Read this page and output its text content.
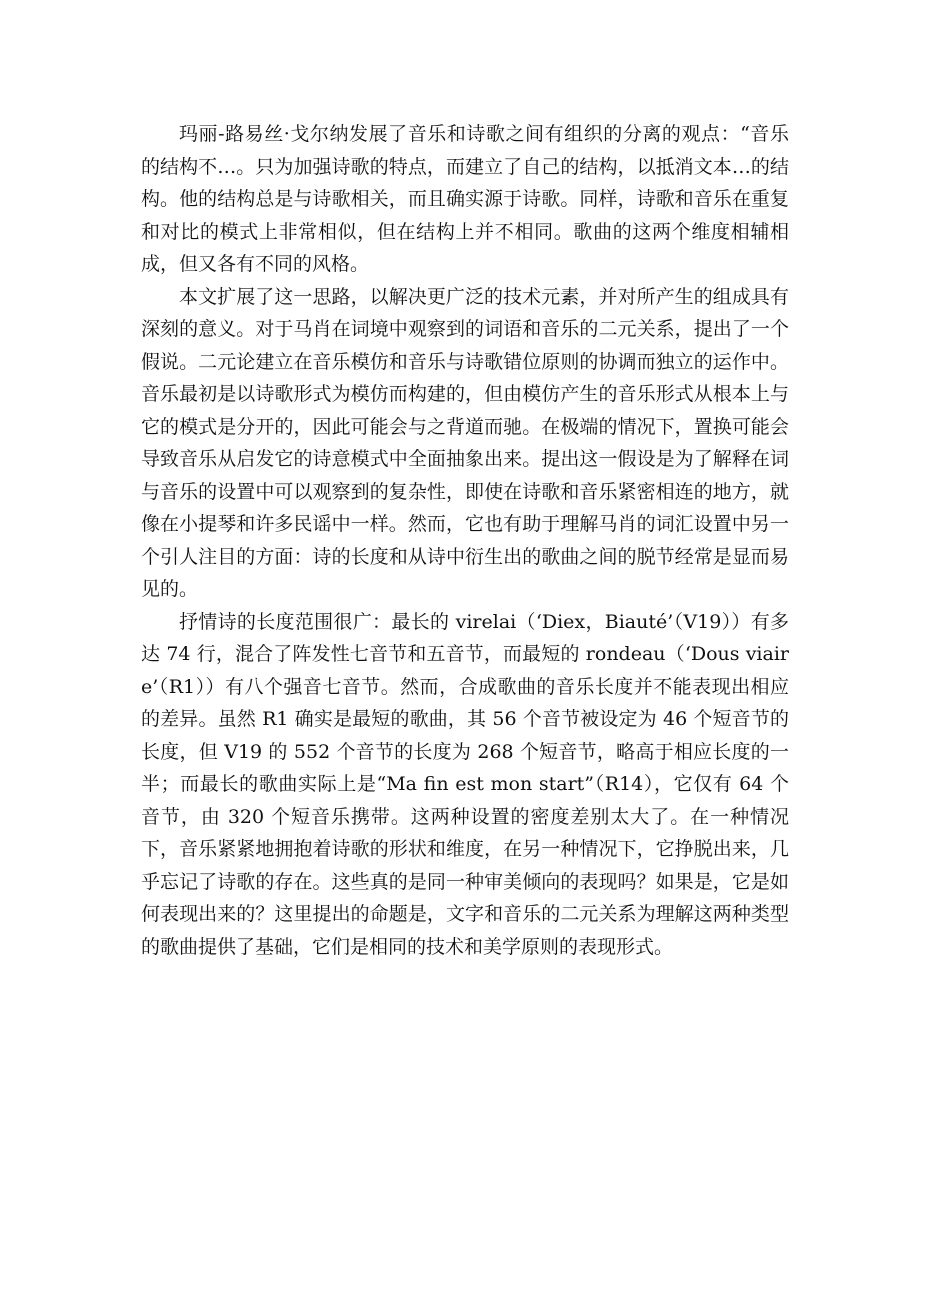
玛丽-路易丝·戈尔纳发展了音乐和诗歌之间有组织的分离的观点：“音乐的结构不…。只为加强诗歌的特点，而建立了自己的结构，以抵消文本…的结构。他的结构总是与诗歌相关，而且确实源于诗歌。同样，诗歌和音乐在重复和对比的模式上非常相似，但在结构上并不相同。歌曲的这两个维度相辅相成，但又各有不同的风格。

本文扩展了这一思路，以解决更广泛的技术元素，并对所产生的组成具有深刻的意义。对于马肖在词境中观察到的词语和音乐的二元关系，提出了一个假说。二元论建立在音乐模仿和音乐与诗歌错位原则的协调而独立的运作中。音乐最初是以诗歌形式为模仿而构建的，但由模仿产生的音乐形式从根本上与它的模式是分开的，因此可能会与之背道而驰。在极端的情况下，置换可能会导致音乐从启发它的诗意模式中全面抽象出来。提出这一假设是为了解释在词与音乐的设置中可以观察到的复杂性，即使在诗歌和音乐紧密相连的地方，就像在小提琴和许多民谣中一样。然而，它也有助于理解马肖的词汇设置中另一个引人注目的方面：诗的长度和从诗中衍生出的歌曲之间的脱节经常是显而易见的。

抒情诗的长度范围很广：最长的 virelai（‘Diex，Biauté’（V19））有多达 74 行，混合了阵发性七音节和五音节，而最短的 rondeau（‘Dous viaire’（R1））有八个强音七音节。然而，合成歌曲的音乐长度并不能表现出相应的差异。虽然 R1 确实是最短的歌曲，其 56 个音节被设定为 46 个短音节的长度，但 V19 的 552 个音节的长度为 268 个短音节，略高于相应长度的一半；而最长的歌曲实际上是“Ma fin est mon start”（R14），它仅有 64 个音节，由 320 个短音乐携带。这两种设置的密度差别太大了。在一种情况下，音乐紧紧地拥抱着诗歌的形状和维度，在另一种情况下，它挣脱出来，几乎忘记了诗歌的存在。这些真的是同一种审美倾向的表现吗？如果是，它是如何表现出来的？这里提出的命题是，文字和音乐的二元关系为理解这两种类型的歌曲提供了基础，它们是相同的技术和美学原则的表现形式。
